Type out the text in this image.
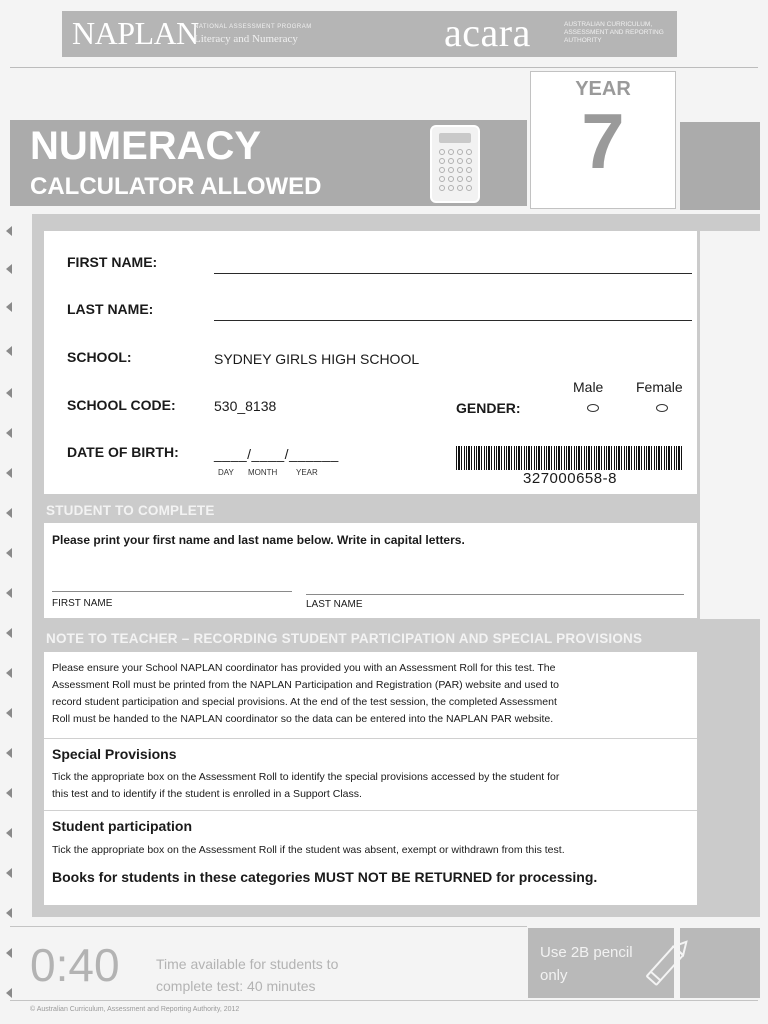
NAPLAN
NATIONAL ASSESSMENT PROGRAM
Literacy and Numeracy	acara	AUSTRALIAN CURRICULUM, ASSESSMENT AND REPORTING AUTHORITY
NUMERACY
CALCULATOR ALLOWED
YEAR
7
FIRST NAME:
LAST NAME:
SCHOOL:	SYDNEY GIRLS HIGH SCHOOL
SCHOOL CODE:	530_8138	GENDER:
Male Female
DATE OF BIRTH:	____/____/______
DAY MONTH YEAR	327000658-8
STUDENT TO COMPLETE
Please print your first name and last name below. Write in capital letters.
FIRST NAME	LAST NAME
NOTE TO TEACHER – RECORDING STUDENT PARTICIPATION AND SPECIAL PROVISIONS
Please ensure your School NAPLAN coordinator has provided you with an Assessment Roll for this test. The
Assessment Roll must be printed from the NAPLAN Participation and Registration (PAR) website and used to
record student participation and special provisions. At the end of the test session, the completed Assessment
Roll must be handed to the NAPLAN coordinator so the data can be entered into the NAPLAN PAR website.
Special Provisions
Tick the appropriate box on the Assessment Roll to identify the special provisions accessed by the student for
this test and to identify if the student is enrolled in a Support Class.
Student participation
Tick the appropriate box on the Assessment Roll if the student was absent, exempt or withdrawn from this test.
Books for students in these categories MUST NOT BE RETURNED for processing.
0:40	Time available for students to
complete test: 40 minutes
Use 2B pencil
only
© Australian Curriculum, Assessment and Reporting Authority, 2012
